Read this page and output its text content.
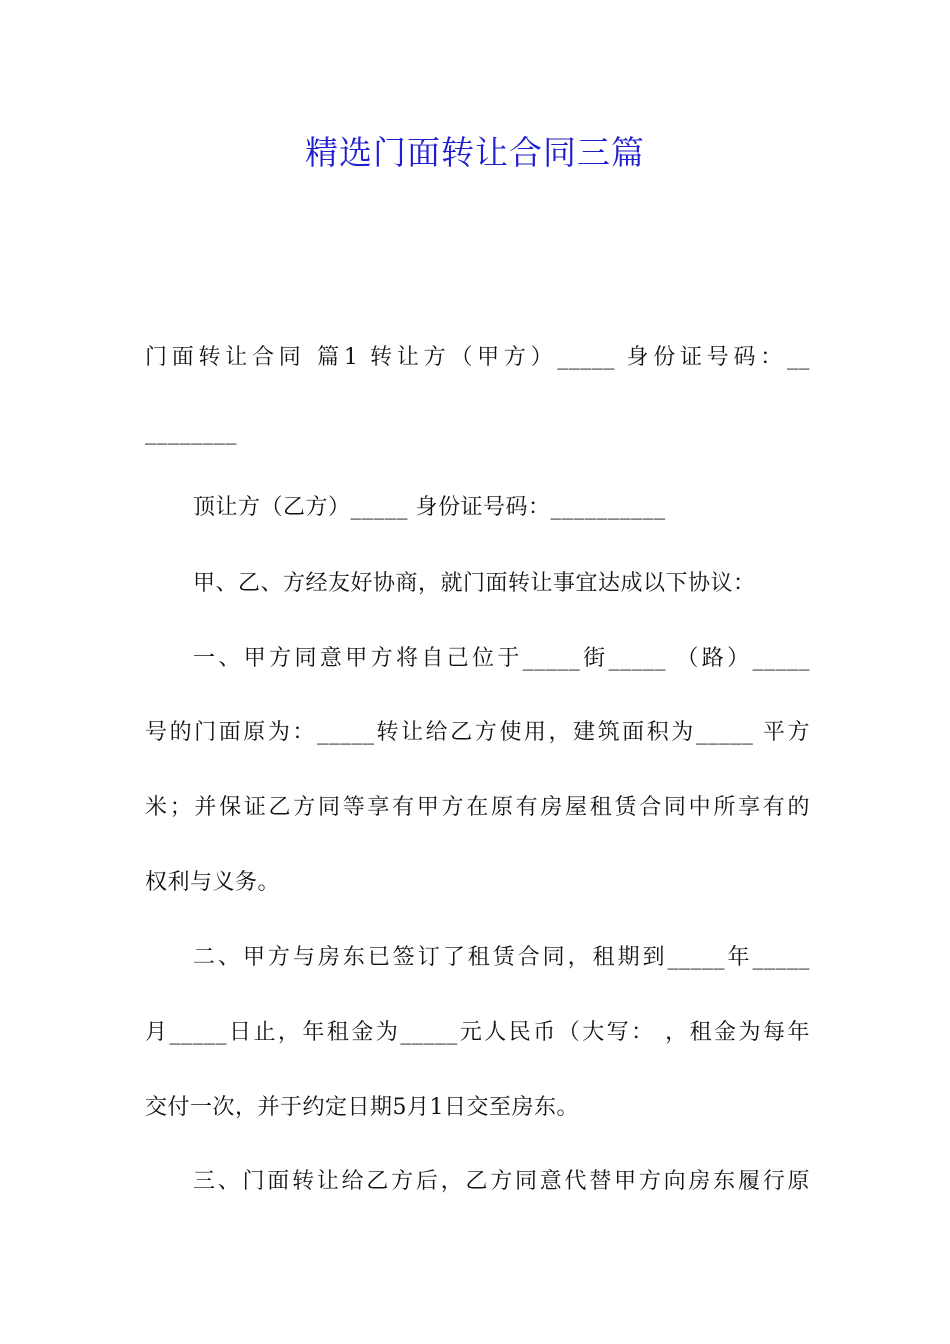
精选门面转让合同三篇
门面转让合同 篇1 转让方（甲方）_____ 身份证号码：__
________
顶让方（乙方）_____ 身份证号码：__________
甲、乙、方经友好协商，就门面转让事宜达成以下协议：
一、甲方同意甲方将自己位于_____街_____ （路）_____
号的门面原为：_____转让给乙方使用，建筑面积为_____ 平方
米；并保证乙方同等享有甲方在原有房屋租赁合同中所享有的
权利与义务。
二、甲方与房东已签订了租赁合同，租期到_____年_____
月_____日止，年租金为_____元人民币（大写： ，租金为每年
交付一次，并于约定日期5月1日交至房东。
三、门面转让给乙方后，乙方同意代替甲方向房东履行原
